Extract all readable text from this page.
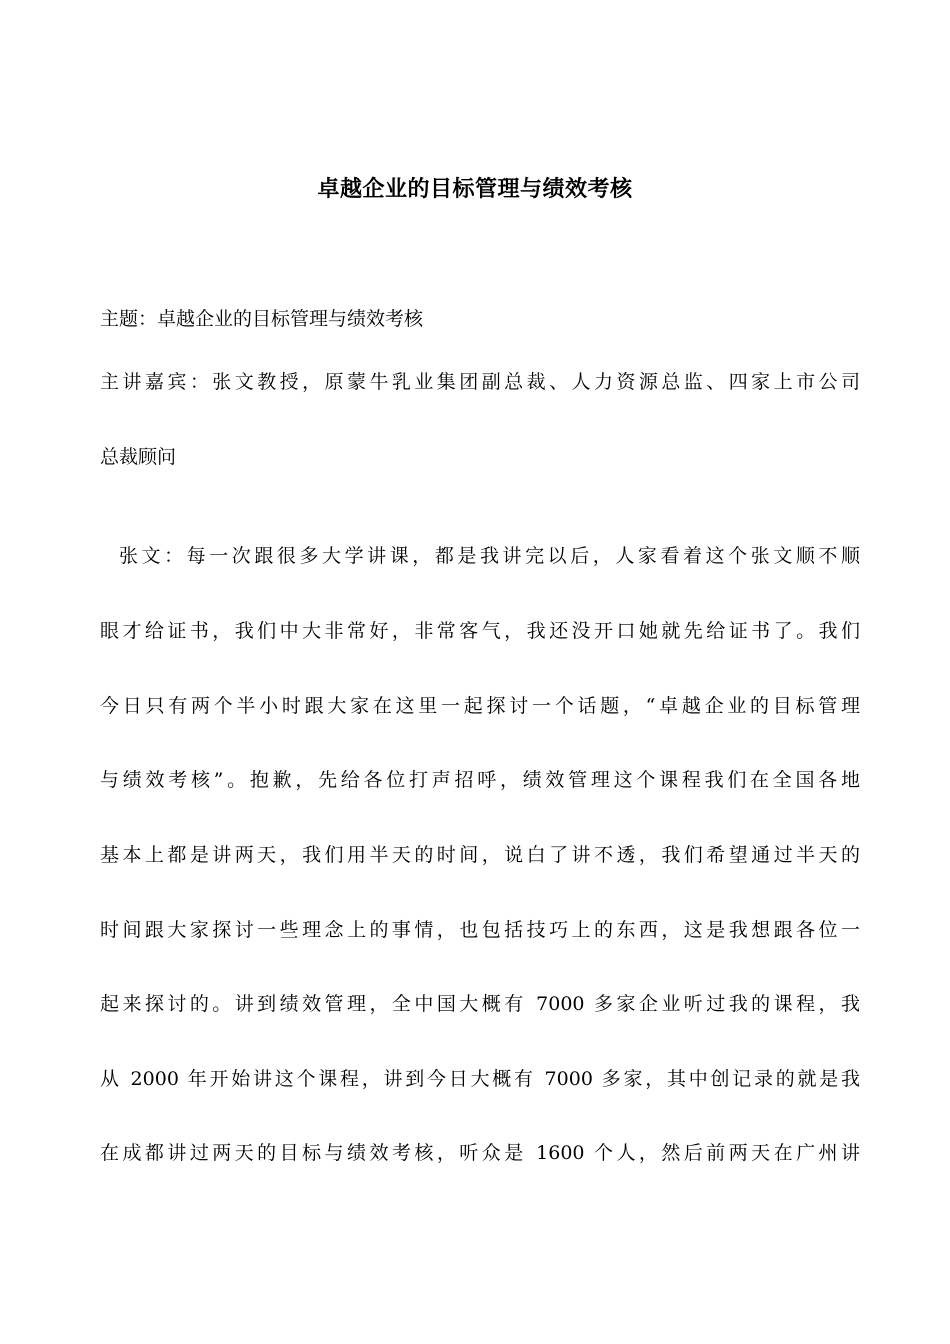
卓越企业的目标管理与绩效考核
主题：卓越企业的目标管理与绩效考核
主讲嘉宾：张文教授，原蒙牛乳业集团副总裁、人力资源总监、四家上市公司
总裁顾问
张文：每一次跟很多大学讲课，都是我讲完以后，人家看着这个张文顺不顺
眼才给证书，我们中大非常好，非常客气，我还没开口她就先给证书了。我们
今日只有两个半小时跟大家在这里一起探讨一个话题，“卓越企业的目标管理
与绩效考核”。抱歉，先给各位打声招呼，绩效管理这个课程我们在全国各地
基本上都是讲两天，我们用半天的时间，说白了讲不透，我们希望通过半天的
时间跟大家探讨一些理念上的事情，也包括技巧上的东西，这是我想跟各位一
起来探讨的。讲到绩效管理，全中国大概有 7000 多家企业听过我的课程，我
从 2000 年开始讲这个课程，讲到今日大概有 7000 多家，其中创记录的就是我
在成都讲过两天的目标与绩效考核，听众是 1600 个人，然后前两天在广州讲
